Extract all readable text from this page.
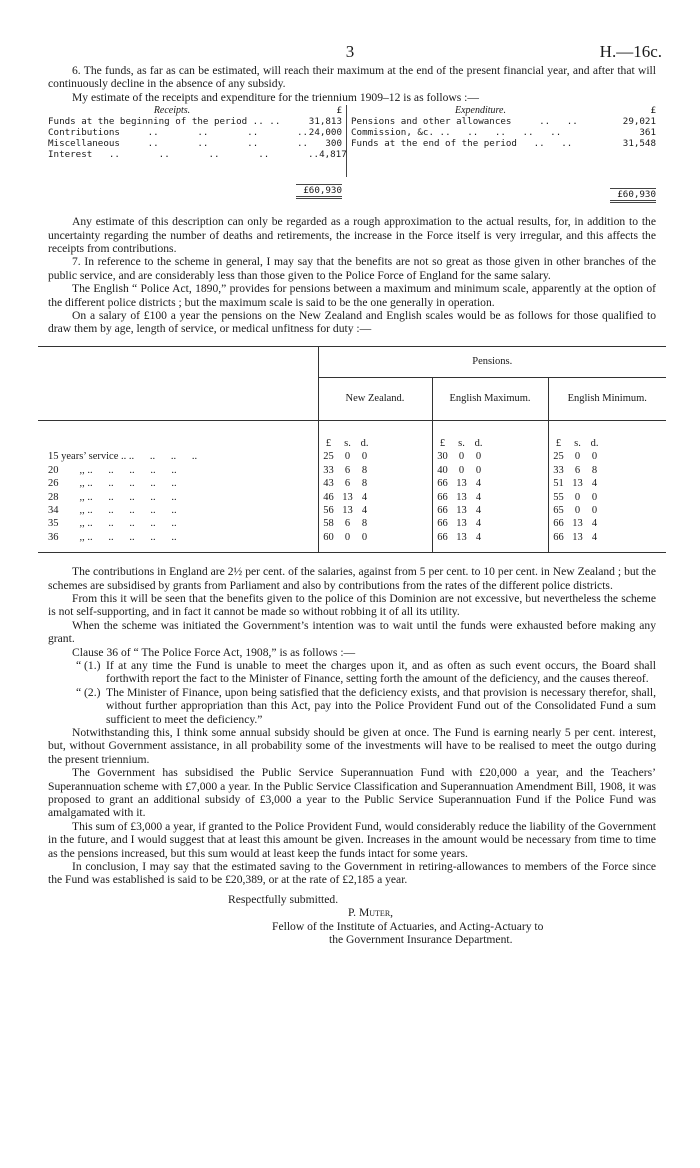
3	H.—16c.

6. The funds, as far as can be estimated, will reach their maximum at the end of the present financial year, and after that will continuously decline in the absence of any subsidy.

My estimate of the receipts and expenditure for the triennium 1909–12 is as follows :—

Receipts.	£
Funds at the beginning of the period .. ..	31,813
Contributions	..       ..       ..       .. 24,000
Miscellaneous	..       ..       ..       ..	300
Interest ..       ..       ..       ..       .. 4,817
£60,930
Expenditure.	£
Pensions and other allowances	..   ..	29,021
Commission, &c. ..   ..   ..   ..   ..	361
Funds at the end of the period ..   ..	31,548
£60,930

Any estimate of this description can only be regarded as a rough approximation to the actual results, for, in addition to the uncertainty regarding the number of deaths and retirements, the increase in the Force itself is very irregular, and this affects the receipts from contributions.

7. In reference to the scheme in general, I may say that the benefits are not so great as those given in other branches of the public service, and are considerably less than those given to the Police Force of England for the same salary.

The English “ Police Act, 1890,” provides for pensions between a maximum and minimum scale, apparently at the option of the different police districts ; but the maximum scale is said to be the one generally in operation.

On a salary of £100 a year the pensions on the New Zealand and English scales would be as follows for those qualified to draw them by age, length of service, or medical unfitness for duty :—

	Pensions.		
	New Zealand.	English Maximum.	English Minimum.

	£ s. d.	£ s. d.	£ s. d.

15 years’ service .. ..      ..      ..      ..	25 0 0	30 0 0	25 0 0

20        ,, ..      ..      ..      ..      ..	33 6 8	40 0 0	33 6 8

26        ,, ..      ..      ..      ..      ..	43 6 8	66 13 4	51 13 4

28        ,, ..      ..      ..      ..      ..	46 13 4	66 13 4	55 0 0

34        ,, ..      ..      ..      ..      ..	56 13 4	66 13 4	65 0 0

35        ,, ..      ..      ..      ..      ..	58 6 8	66 13 4	66 13 4

36        ,, ..      ..      ..      ..      ..	60 0 0	66 13 4	66 13 4

The contributions in England are 2½ per cent. of the salaries, against from 5 per cent. to 10 per cent. in New Zealand ; but the schemes are subsidised by grants from Parliament and also by contributions from the rates of the different police districts.

From this it will be seen that the benefits given to the police of this Dominion are not excessive, but nevertheless the scheme is not self-supporting, and in fact it cannot be made so without robbing it of all its utility.

When the scheme was initiated the Government’s intention was to wait until the funds were exhausted before making any grant.

Clause 36 of “ The Police Force Act, 1908,” is as follows :—

“ (1.) If at any time the Fund is unable to meet the charges upon it, and as often as such event occurs, the Board shall forthwith report the fact to the Minister of Finance, setting forth the amount of the deficiency, and the causes thereof.
“ (2.) The Minister of Finance, upon being satisfied that the deficiency exists, and that provision is necessary therefor, shall, without further appropriation than this Act, pay into the Police Provident Fund out of the Consolidated Fund a sum sufficient to meet the deficiency.”

Notwithstanding this, I think some annual subsidy should be given at once. The Fund is earning nearly 5 per cent. interest, but, without Government assistance, in all probability some of the investments will have to be realised to meet the outgo during the present triennium.

The Government has subsidised the Public Service Superannuation Fund with £20,000 a year, and the Teachers’ Superannuation scheme with £7,000 a year. In the Public Service Classification and Superannuation Amendment Bill, 1908, it was proposed to grant an additional subsidy of £3,000 a year to the Public Service Superannuation Fund if the Police Fund was amalgamated with it.

This sum of £3,000 a year, if granted to the Police Provident Fund, would considerably reduce the liability of the Government in the future, and I would suggest that at least this amount be given. Increases in the amount would be necessary from time to time as the pensions increased, but this sum would at least keep the funds intact for some years.

In conclusion, I may say that the estimated saving to the Government in retiring-allowances to members of the Force since the Fund was established is said to be £20,389, or at the rate of £2,185 a year.

Respectfully submitted.
P. Muter,
Fellow of the Institute of Actuaries, and Acting-Actuary to
the Government Insurance Department.
